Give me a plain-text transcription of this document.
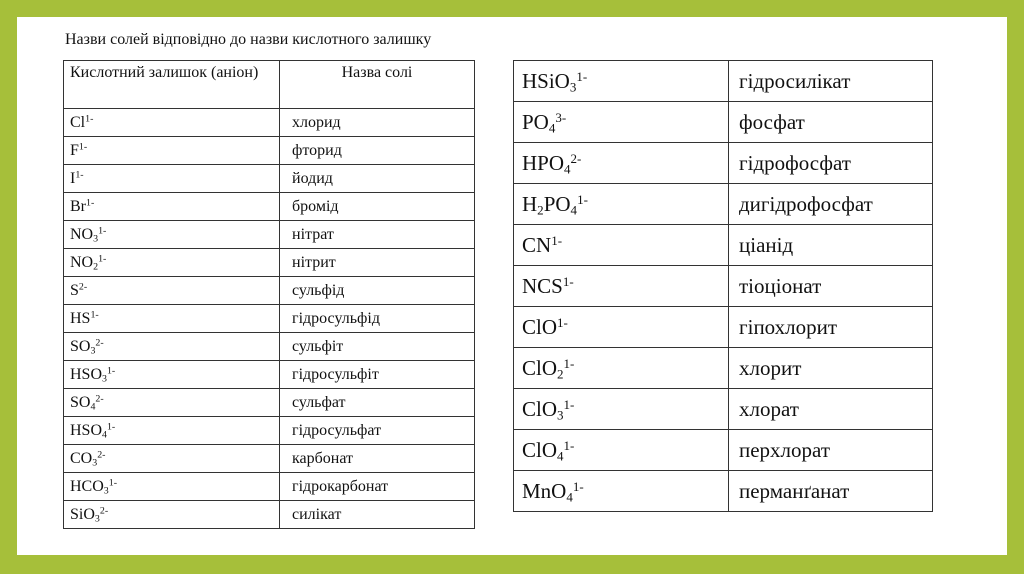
Назви солей відповідно до назви кислотного залишку
Кислотний залишок (аніон)	Назва солі
$Cl^{1-}$	хлорид
$F^{1-}$	фторид
$I^{1-}$	йодид
$Br^{1-}$	бромід
$NO_3^{1-}$	нітрат
$NO_2^{1-}$	нітрит
$S^{2-}$	сульфід
$HS^{1-}$	гідросульфід
$SO_3^{2-}$	сульфіт
$HSO_3^{1-}$	гідросульфіт
$SO_4^{2-}$	сульфат
$HSO_4^{1-}$	гідросульфат
$CO_3^{2-}$	карбонат
$HCO_3^{1-}$	гідрокарбонат
SiO$_3^{2-}$	силікат
HSiO$_3^{1-}$	гідросилікат
$PO_4^{3-}$	фосфат
$HPO_4^{2-}$	гідрофосфат
$H_2PO_4^{1-}$	дигідрофосфат
$CN^{1-}$	ціанід
$NCS^{1-}$	тіоціонат
ClO$^{1-}$	гіпохлорит
ClO$_2^{1-}$	хлорит
ClO$_3^{1-}$	хлорат
ClO$_4^{1-}$	перхлорат
MnO$_4^{1-}$	перманґанат
